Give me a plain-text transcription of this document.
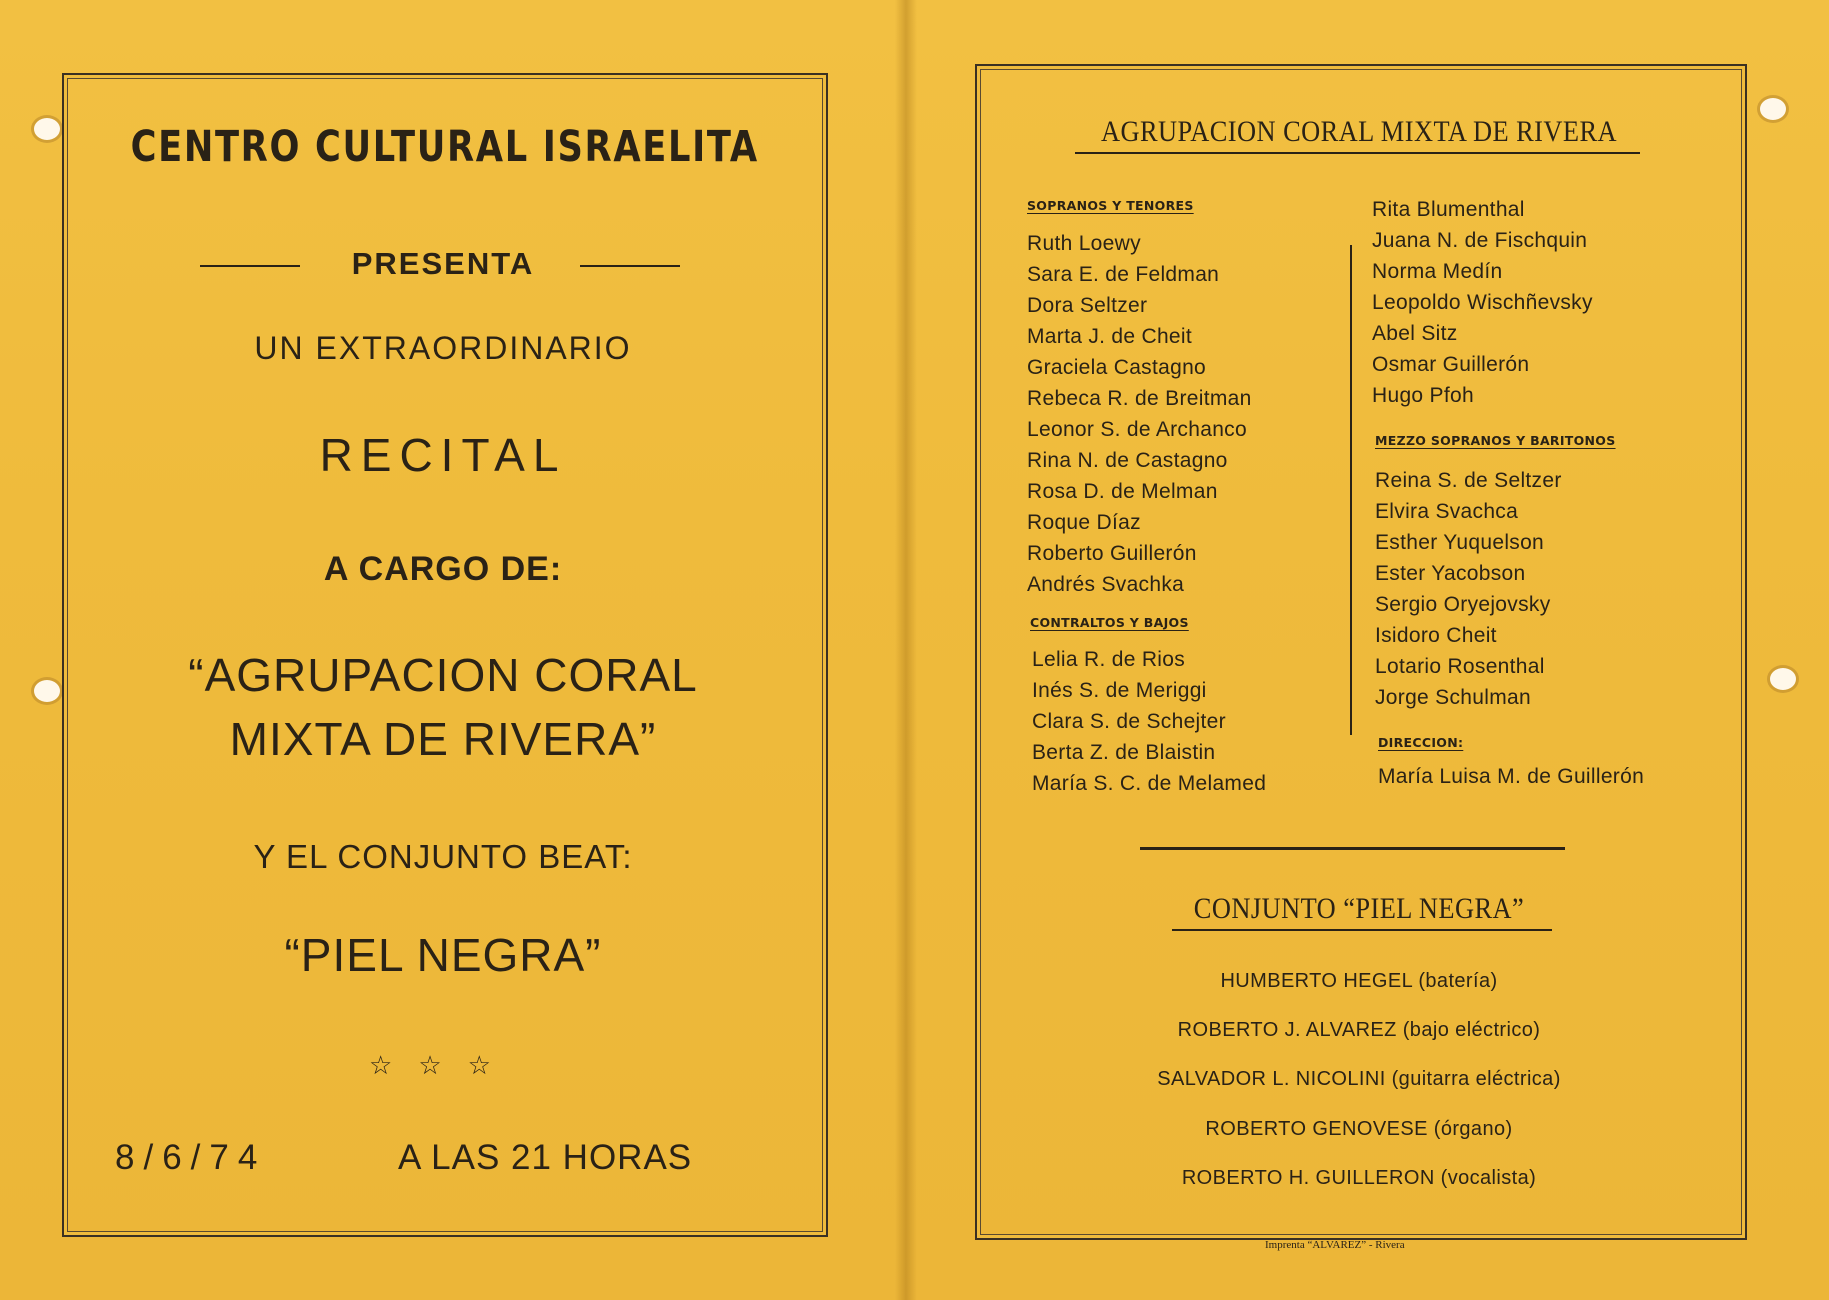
CENTRO CULTURAL ISRAELITA
PRESENTA
UN EXTRAORDINARIO
RECITAL
A CARGO DE:
“AGRUPACION CORAL
MIXTA DE RIVERA”
Y EL CONJUNTO BEAT:
“PIEL NEGRA”
☆☆☆
8/6/74	A LAS 21 HORAS
AGRUPACION CORAL MIXTA DE RIVERA
SOPRANOS Y TENORES
Ruth Loewy
Sara E. de Feldman
Dora Seltzer
Marta J. de Cheit
Graciela Castagno
Rebeca R. de Breitman
Leonor S. de Archanco
Rina N. de Castagno
Rosa D. de Melman
Roque Díaz
Roberto Guillerón
Andrés Svachka
CONTRALTOS Y BAJOS
Lelia R. de Rios
Inés S. de Meriggi
Clara S. de Schejter
Berta Z. de Blaistin
María S. C. de Melamed
Rita Blumenthal
Juana N. de Fischquin
Norma Medín
Leopoldo Wischñevsky
Abel Sitz
Osmar Guillerón
Hugo Pfoh
MEZZO SOPRANOS Y BARITONOS
Reina S. de Seltzer
Elvira Svachca
Esther Yuquelson
Ester Yacobson
Sergio Oryejovsky
Isidoro Cheit
Lotario Rosenthal
Jorge Schulman
DIRECCION:
María Luisa M. de Guillerón
CONJUNTO “PIEL NEGRA”
HUMBERTO HEGEL (batería)
ROBERTO J. ALVAREZ (bajo eléctrico)
SALVADOR L. NICOLINI (guitarra eléctrica)
ROBERTO GENOVESE (órgano)
ROBERTO H. GUILLERON (vocalista)
Imprenta “ALVAREZ” - Rivera
